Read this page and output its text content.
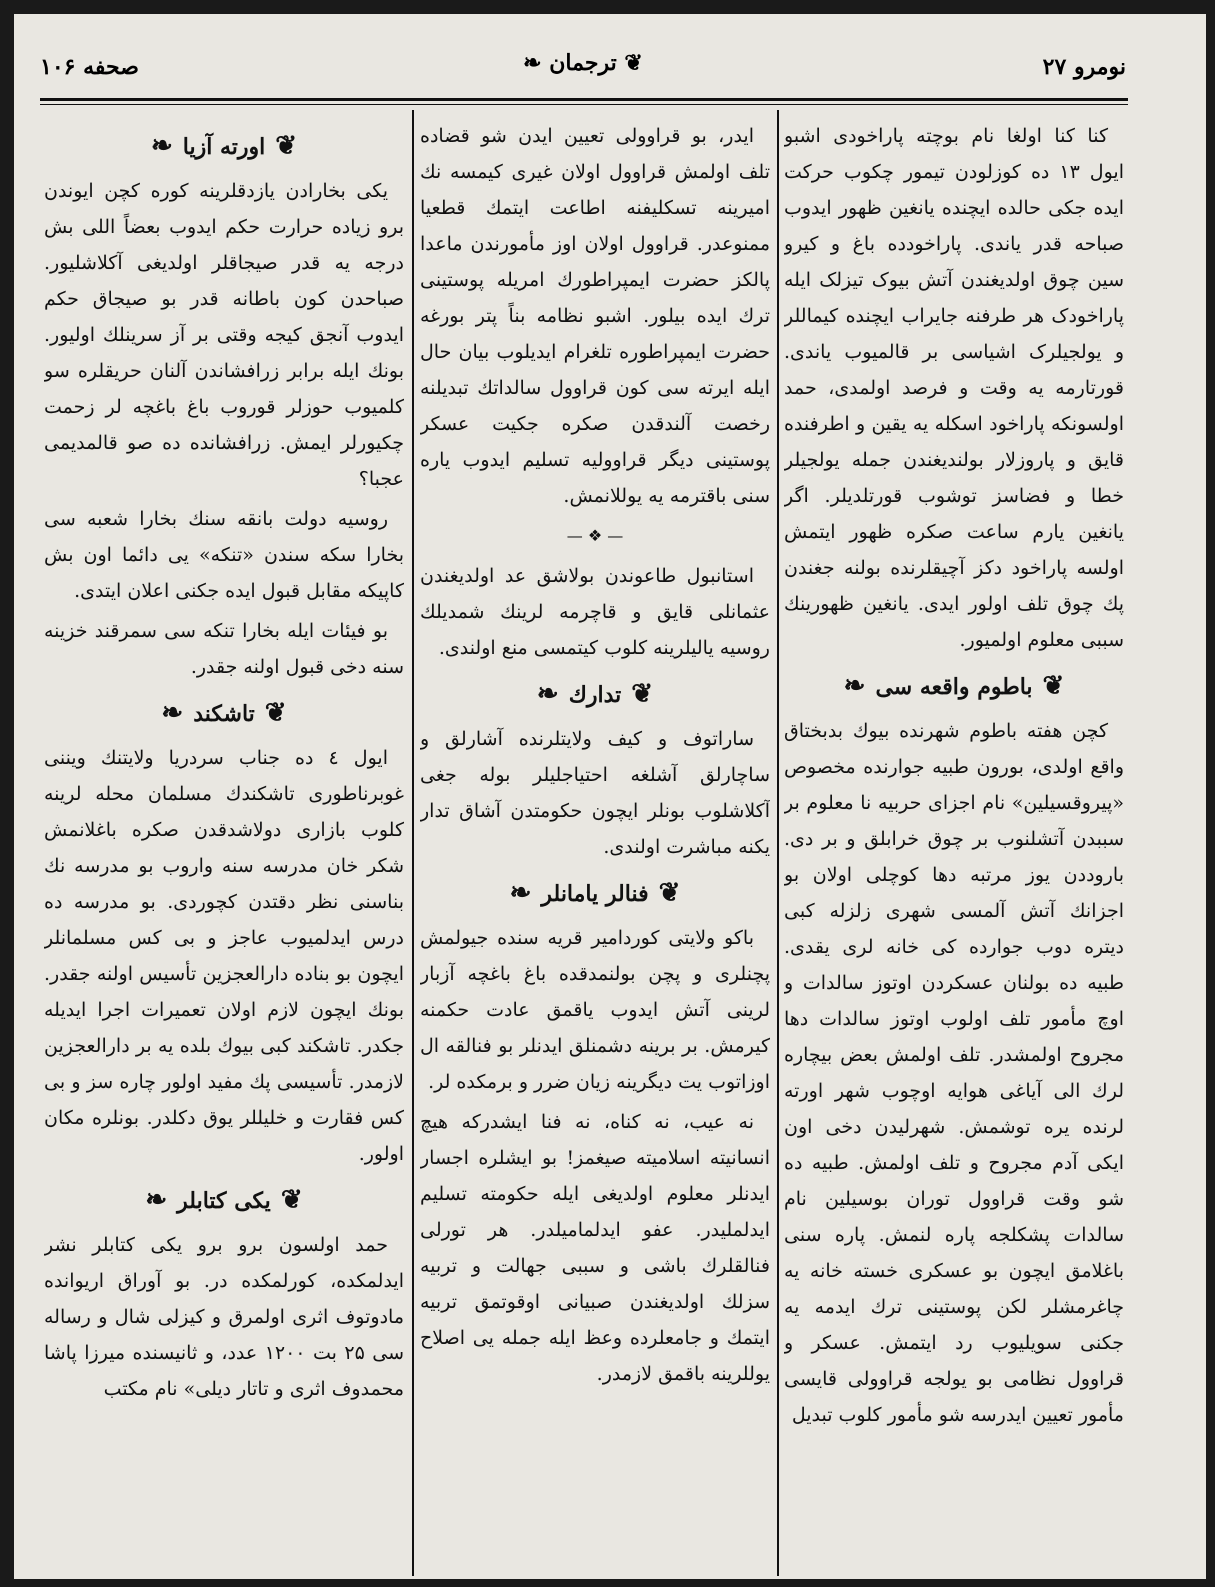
نومرو ۲۷
❦ ترجمان ❧
صحفه ۱۰۶

کنا کنا اولغا نام بوچته پاراخودی اشبو ایول ۱۳ ده کوزلودن تیمور چکوب حرکت ایده جکی حالده ایچنده یانغین ظهور ایدوب صباحه قدر یاندی. پاراخودده باغ و کیرو سین چوق اولدیغندن آتش بیوک تیزلک ایله پاراخودک هر طرفنه جایراب ایچنده کیماللر و یولجیلرک اشیاسی بر قالمیوب یاندی. قورتارمه یه وقت و فرصد اولمدی، حمد اولسونکه پاراخود اسکله یه یقین و اطرفنده قایق و پاروزلار بولندیغندن جمله یولجیلر خطا و فضاسز توشوب قورتلدیلر. اگر یانغین یارم ساعت صکره ظهور ایتمش اولسه پاراخود دکز آچیقلرنده بولنه جغندن پك چوق تلف اولور ایدی. یانغین ظهورینك سببی معلوم اولمیور.

❦باطوم واقعه سی❧

کچن هفته باطوم شهرنده بیوك بدبختاق واقع اولدی، بورون طبیه جوارنده مخصوص «پیروقسیلین» نام اجزای حربیه نا معلوم بر سببدن آتشلنوب بر چوق خرابلق و بر دی. باروددن یوز مرتبه دها کوچلی اولان بو اجزانك آتش آلمسی شهری زلزله کبی دیتره دوب جوارده کی خانه لری یقدی. طبیه ده بولنان عسکردن اوتوز سالدات و اوچ مأمور تلف اولوب اوتوز سالدات دها مجروح اولمشدر. تلف اولمش بعض بیچاره لرك الی آیاغی هوایه اوچوب شهر اورته لرنده یره توشمش. شهرلیدن دخی اون ایکی آدم مجروح و تلف اولمش. طبیه ده شو وقت قراوول توران بوسیلین نام سالدات پشکلجه پاره لنمش. پاره سنی باغلامق ایچون بو عسکری خسته خانه یه چاغرمشلر لکن پوستینی ترك ایدمه یه جکنی سویلیوب رد ایتمش. عسکر و قراوول نظامی بو یولجه قراوولی قایسی مأمور تعیین ایدرسه شو مأمور کلوب تبدیل

ایدر، بو قراوولی تعیین ایدن شو قضاده تلف اولمش قراوول اولان غیری کیمسه نك امیرینه تسکلیفنه اطاعت ایتمك قطعیا ممنوعدر. قراوول اولان اوز مأمورندن ماعدا پالکز حضرت ایمپراطورك امریله پوستینی ترك ایده بیلور. اشبو نظامه بناً پتر بورغه حضرت ایمپراطوره تلغرام ایدیلوب بیان حال ایله ایرته سی کون قراوول سالداتك تبدیلنه رخصت آلندقدن صکره جکیت عسکر پوستینی دیگر قراوولیه تسلیم ایدوب یاره سنی باقترمه یه یوللانمش.

— ❖ —

استانبول طاعوندن بولاشق عد اولدیغندن عثمانلی قایق و قاچرمه لرینك شمدیلك روسیه یالیلرینه کلوب کیتمسی منع اولندی.

❦تدارك❧

ساراتوف و کیف ولایتلرنده آشارلق و ساچارلق آشلغه احتیاجلیلر بوله جغی آکلاشلوب بونلر ایچون حکومتدن آشاق تدار یکنه مباشرت اولندی.

❦فنالر یامانلر❧

باکو ولایتی کوردامیر قریه سنده جیولمش پچنلری و پچن بولنمدقده باغ باغچه آزبار لرینی آتش ایدوب یاقمق عادت حکمنه کیرمش. بر برینه دشمنلق ایدنلر بو فنالقه ال اوزاتوب یت دیگرینه زیان ضرر و برمکده لر.

نه عیب، نه کناه، نه فنا ایشدرکه هیچ انسانیته اسلامیته صیغمز! بو ایشلره اجسار ایدنلر معلوم اولدیغی ایله حکومته تسلیم ایدلملیدر. عفو ایدلمامیلدر. هر تورلی فنالقلرك باشی و سببی جهالت و تربیه سزلك اولدیغندن صبیانی اوقوتمق تربیه ایتمك و جامعلرده وعظ ایله جمله یی اصلاح یوللرینه باقمق لازمدر.

❦اورته آزیا❧

یکی بخارادن یازدقلرینه کوره کچن ایوندن برو زیاده حرارت حکم ایدوب بعضاً اللی بش درجه یه قدر صیجاقلر اولدیغی آکلاشلیور. صباحدن کون باطانه قدر بو صیجاق حکم ایدوب آنجق کیجه وقتی بر آز سرینلك اولیور. بونك ایله برابر زرافشاندن آلنان حریقلره سو کلمیوب حوزلر قوروب باغ باغچه لر زحمت چکیورلر ایمش. زرافشانده ده صو قالمدیمی عجبا؟

روسیه دولت بانقه سنك بخارا شعبه سی بخارا سکه سندن «تنکه» یی دائما اون بش کاپیکه مقابل قبول ایده جکنی اعلان ایتدی.

بو فیئات ایله بخارا تنکه سی سمرقند خزینه سنه دخی قبول اولنه جقدر.

❦تاشکند❧

ایول ٤ ده جناب سردریا ولایتنك ویننی غوبرناطوری تاشکندك مسلمان محله لرینه کلوب بازاری دولاشدقدن صکره باغلانمش شکر خان مدرسه سنه واروب بو مدرسه نك بناسنی نظر دقتدن کچوردی. بو مدرسه ده درس ایدلمیوب عاجز و بی کس مسلمانلر ایچون بو بناده دارالعجزین تأسیس اولنه جقدر. بونك ایچون لازم اولان تعمیرات اجرا ایدیله جکدر. تاشکند کبی بیوك بلده یه بر دارالعجزین لازمدر. تأسیسی پك مفید اولور چاره سز و بی کس فقارت و خلیللر یوق دکلدر. بونلره مکان اولور.

❦یکی کتابلر❧

حمد اولسون برو برو یکی کتابلر نشر ایدلمکده، کورلمکده در. بو آوراق اریوانده مادوتوف اثری اولمرق و کیزلی شال و رساله سی ۲۵ بت ۱۲۰۰ عدد، و ثانیسنده میرزا پاشا محمدوف اثری و تاتار دیلی» نام مکتب
